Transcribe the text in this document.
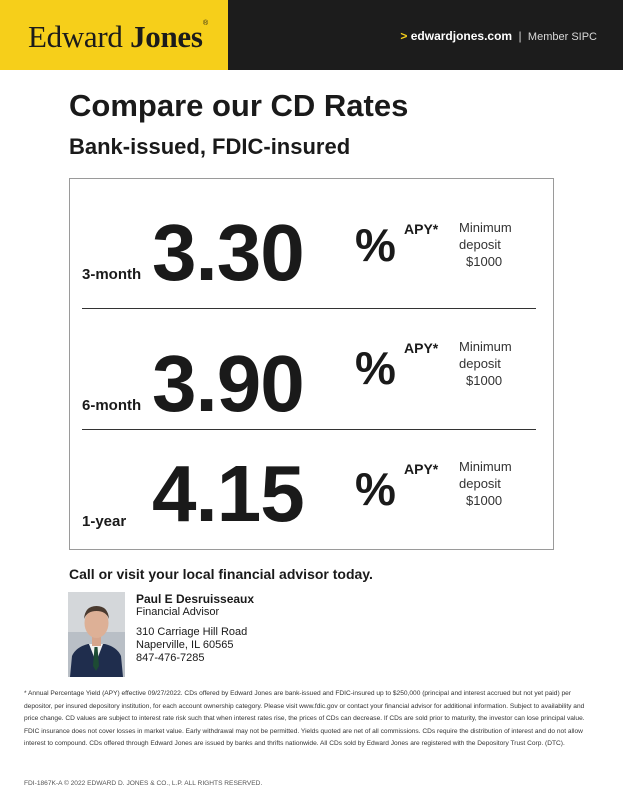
Edward Jones ®
> edwardjones.com | Member SIPC
Compare our CD Rates
Bank-issued, FDIC-insured
3-month 3.30 % APY* Minimum
deposit
$1000
6-month 3.90 % APY* Minimum
deposit
$1000
1-year 4.15 % APY* Minimum
deposit
$1000

Call or visit your local financial advisor today.

Paul E Desruisseaux
Financial Advisor
310 Carriage Hill Road
Naperville, IL 60565
847-476-7285

* Annual Percentage Yield (APY) effective 09/27/2022. CDs offered by Edward Jones are bank-issued and FDIC-insured up to $250,000 (principal and interest accrued but not yet paid) per depositor, per insured depository institution, for each account ownership category. Please visit www.fdic.gov or contact your financial advisor for additional information. Subject to availability and price change. CD values are subject to interest rate risk such that when interest rates rise, the prices of CDs can decrease. If CDs are sold prior to maturity, the investor can lose principal value. FDIC insurance does not cover losses in market value. Early withdrawal may not be permitted. Yields quoted are net of all commissions. CDs require the distribution of interest and do not allow interest to compound. CDs offered through Edward Jones are issued by banks and thrifts nationwide. All CDs sold by Edward Jones are registered with the Depository Trust Corp. (DTC).

FDI-1867K-A © 2022 EDWARD D. JONES & CO., L.P. ALL RIGHTS RESERVED.
